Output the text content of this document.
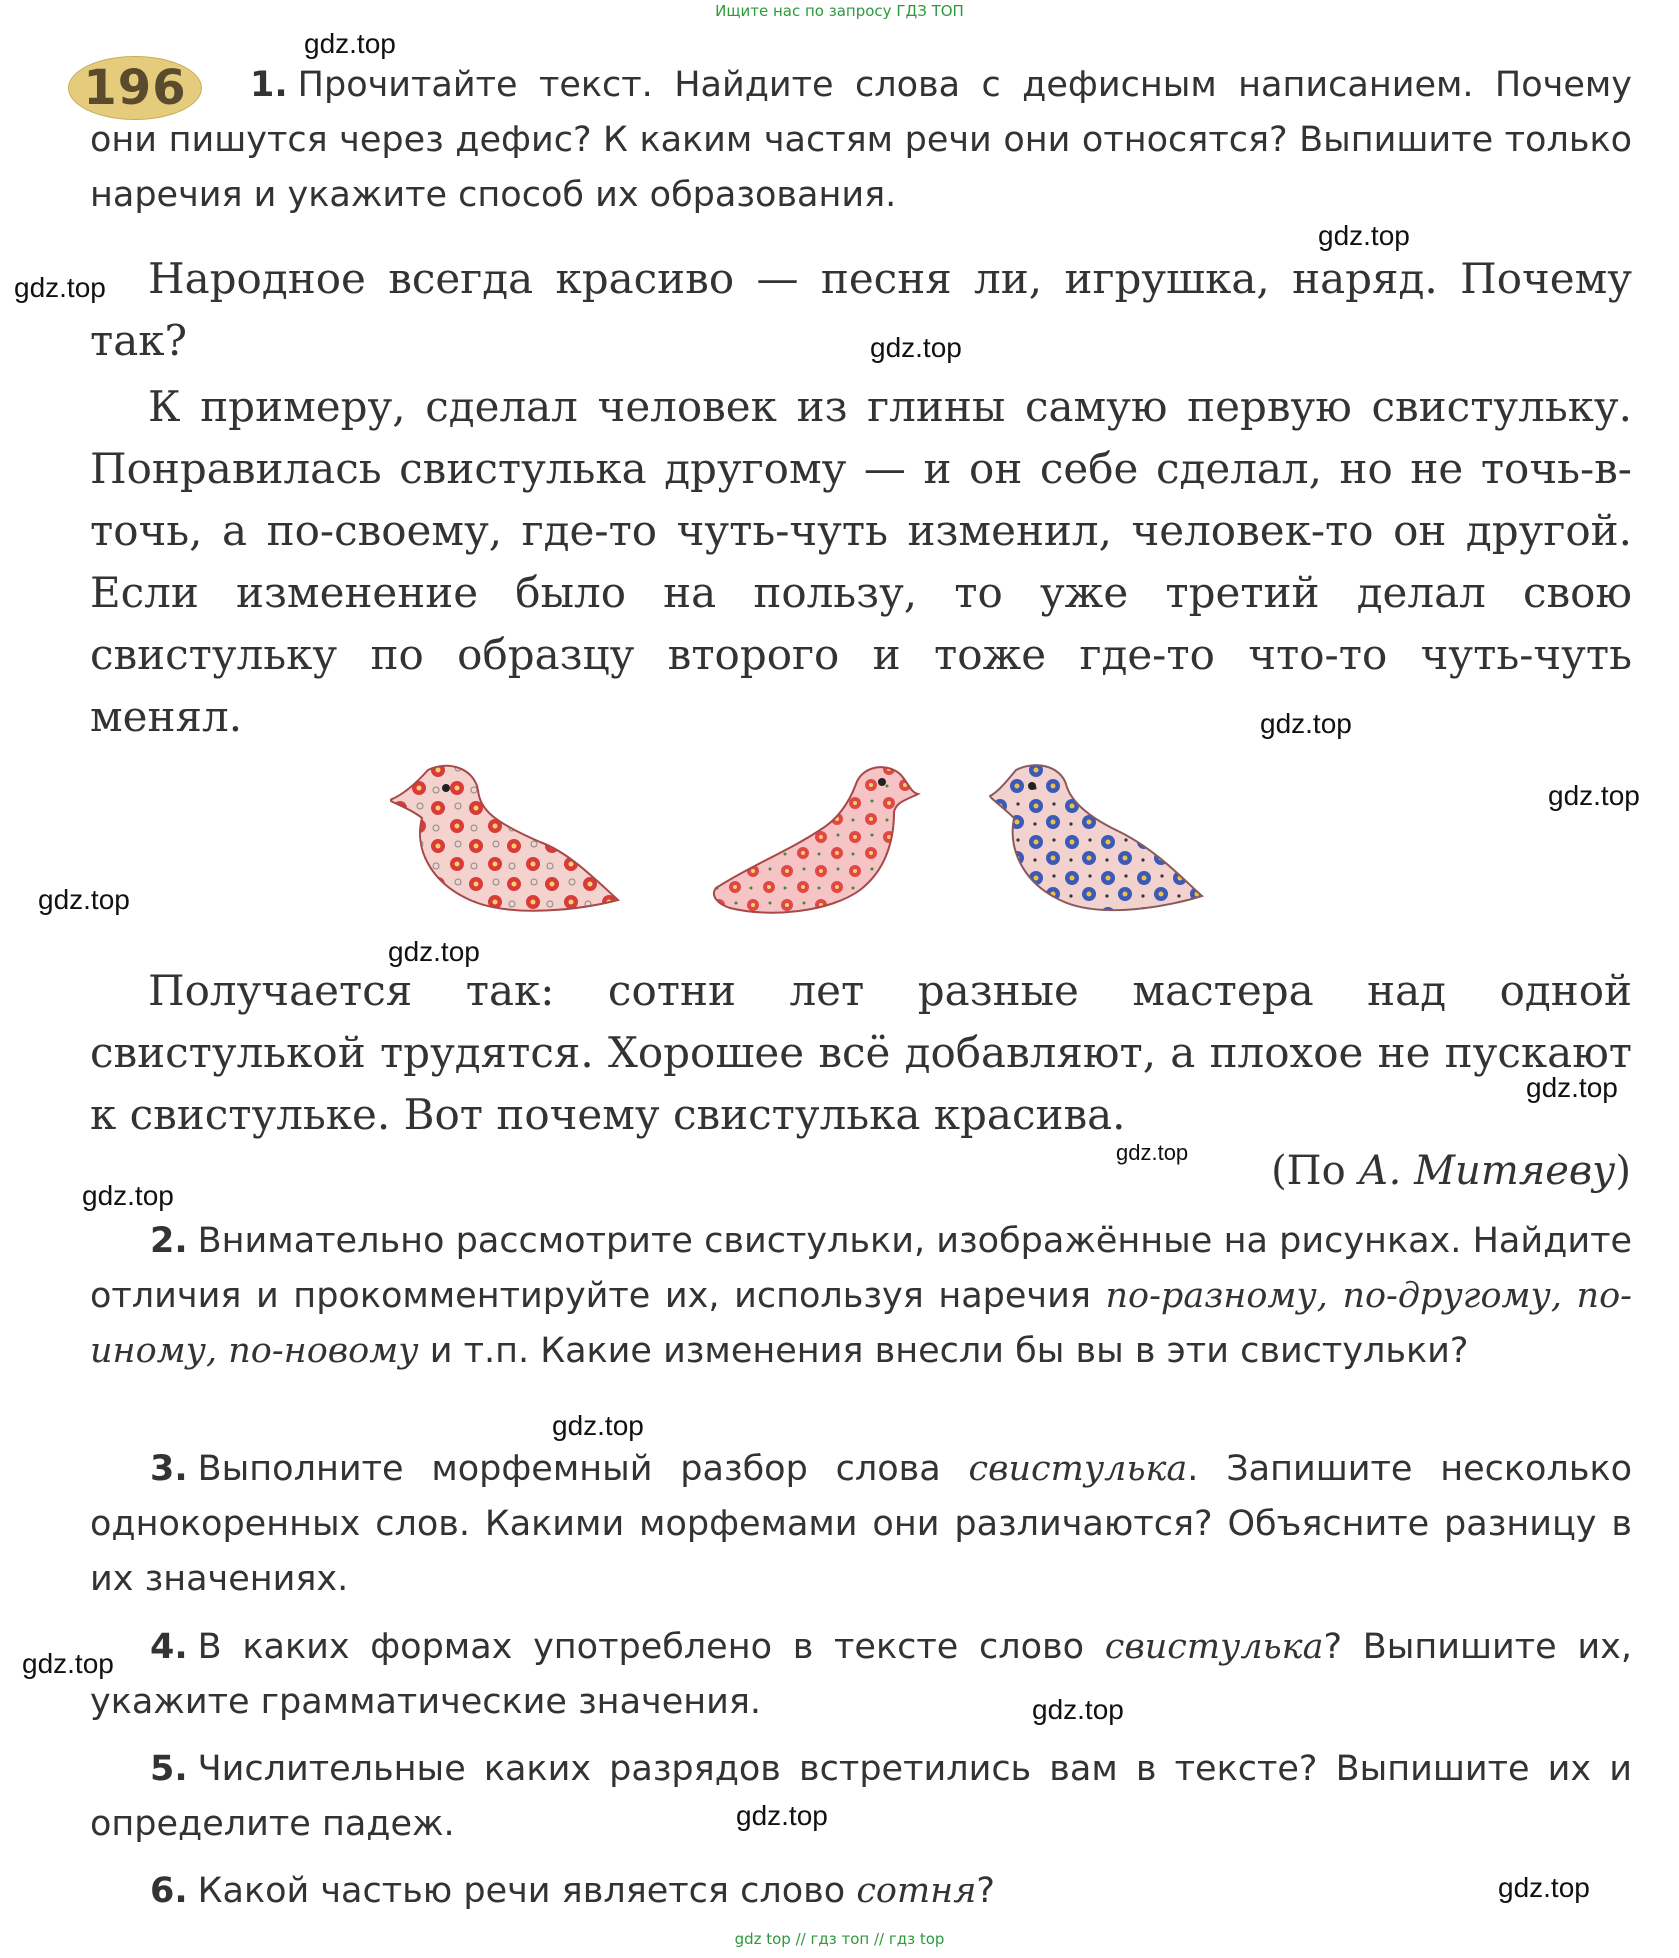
Ищите нас по запросу ГДЗ ТОП
196	1. Прочитайте текст. Найдите слова с дефисным написанием. Почему они пишутся через дефис? К каким частям речи они относятся? Выпишите только наречия и укажите способ их образования.

Народное всегда красиво — песня ли, игрушка, наряд. Почему так?

К примеру, сделал человек из глины самую первую свистульку. Понравилась свистулька другому — и он себе сделал, но не точь-в-точь, а по-своему, где-то чуть-чуть изменил, человек-то он другой. Если изменение было на пользу, то уже третий делал свою свистульку по образцу второго и тоже где-то что-то чуть-чуть менял.

Получается так: сотни лет разные мастера над одной свистулькой трудятся. Хорошее всё добавляют, а плохое не пускают к свистульке. Вот почему свистулька красива.

(По А. Митяеву)
2. Внимательно рассмотрите свистульки, изображённые на рисунках. Найдите отличия и прокомментируйте их, используя наречия по-разному, по-другому, по-иному, по-новому и т.п. Какие изменения внесли бы вы в эти свистульки?
3. Выполните морфемный разбор слова свистулька. Запишите несколько однокоренных слов. Какими морфемами они различаются? Объясните разницу в их значениях.
4. В каких формах употреблено в тексте слово свистулька? Выпишите их, укажите грамматические значения.
5. Числительные каких разрядов встретились вам в тексте? Выпишите их и определите падеж.
6. Какой частью речи является слово сотня?
gdz.top
gdz.top
gdz.top
gdz.top
gdz.top
gdz.top
gdz.top
gdz.top
gdz.top
gdz.top
gdz.top
gdz.top
gdz.top
gdz.top
gdz.top
gdz.top
gdz top // гдз топ // гдз top
